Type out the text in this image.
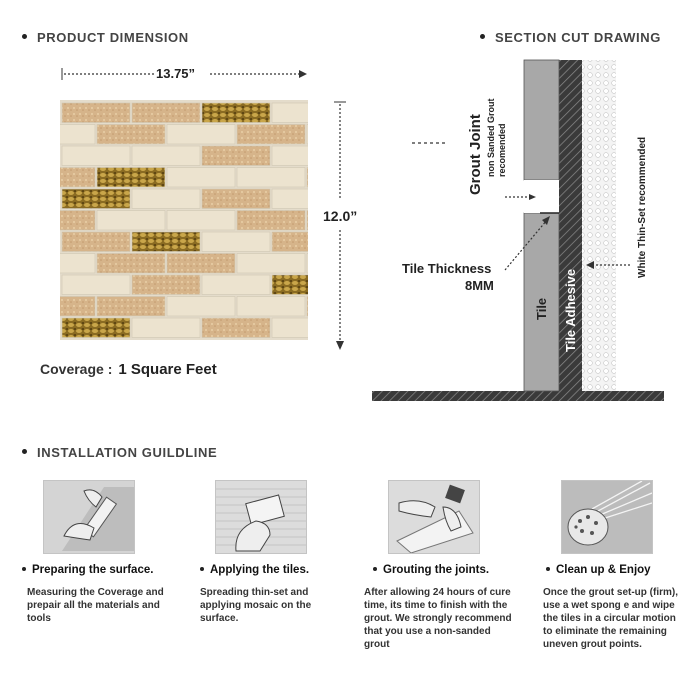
PRODUCT DIMENSION
13.75”
12.0”
Coverage : 1 Square Feet
SECTION CUT DRAWING
Grout Joint non Sanded Grout recomended
Tile Thickness
8MM
Tile Tile Adhesive
White Thin-Set recommended
INSTALLATION GUILDLINE
Preparing the surface.	Applying the tiles.	Grouting the joints.	Clean up & Enjoy
Measuring the Coverage and prepair all the materials and tools
Spreading thin-set and applying mosaic on the surface.
After allowing 24 hours of cure time, its time to finish with the grout. We strongly recommend that you use a non-sanded grout
Once the grout set-up (firm), use a wet spong e and wipe the tiles in a circular motion to eliminate the remaining uneven grout points.
